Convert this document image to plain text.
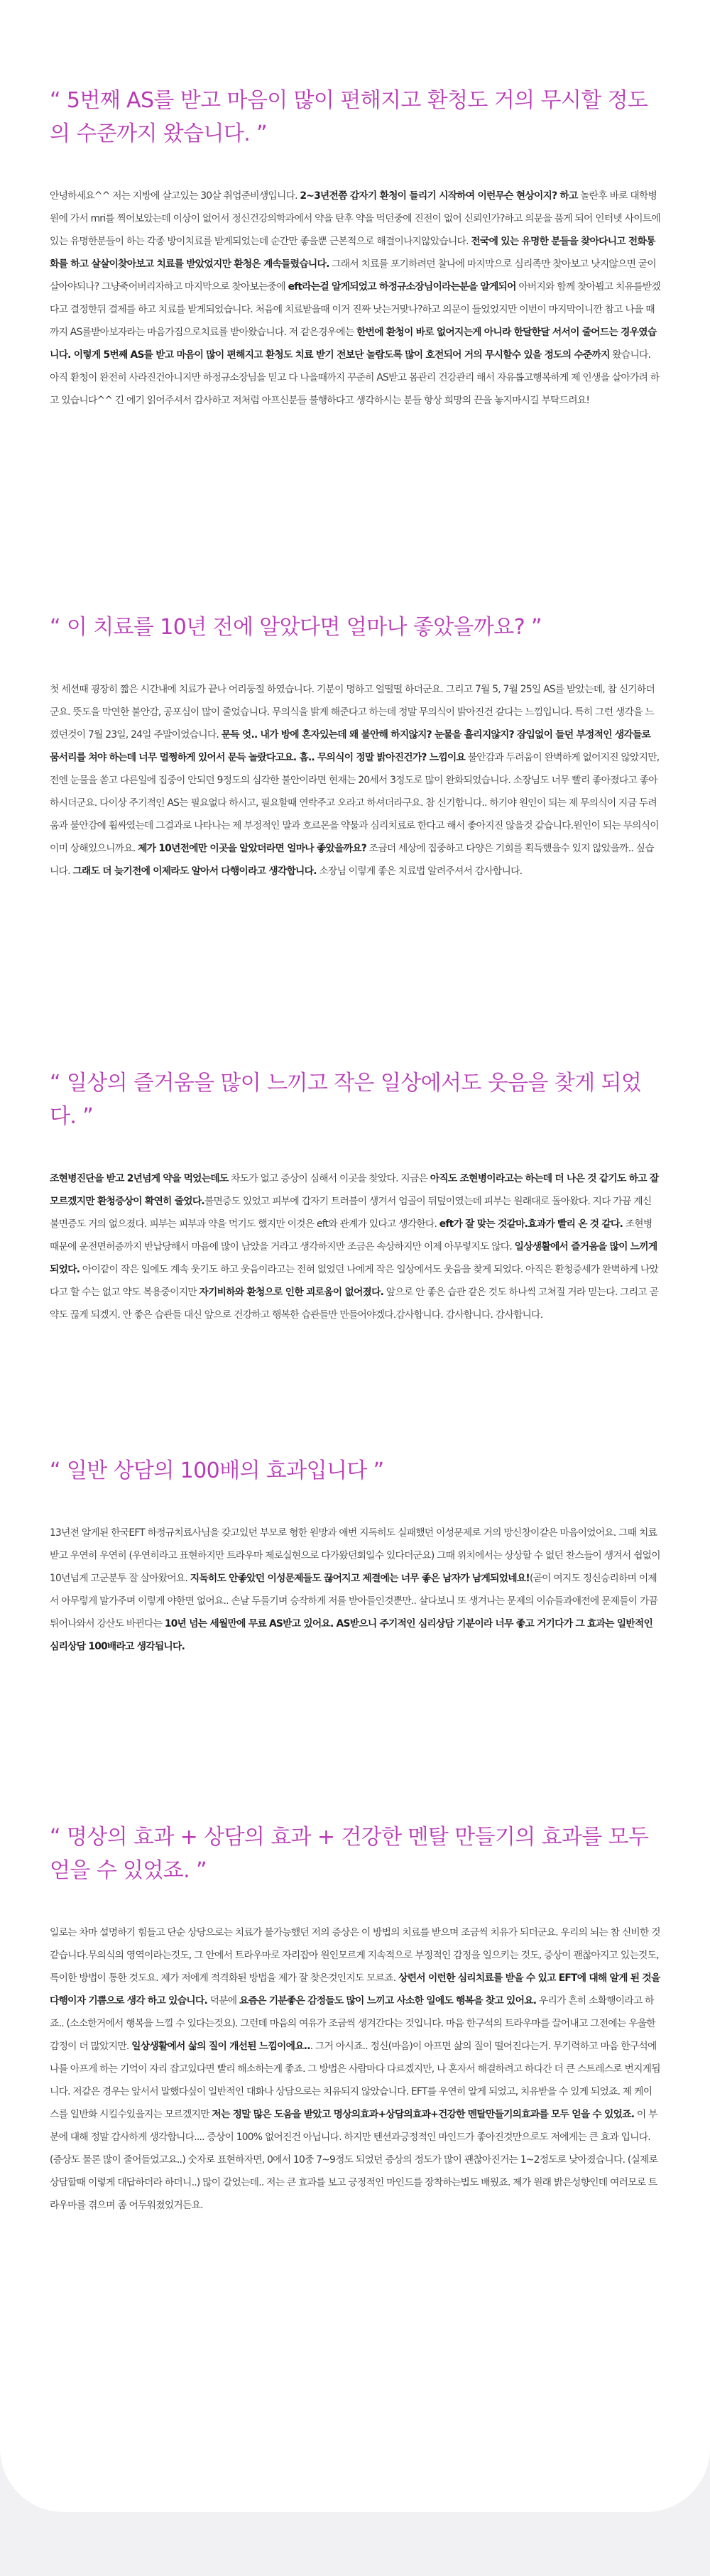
“ 5번째 AS를 받고 마음이 많이 편해지고 환청도 거의 무시할 정도의 수준까지 왔습니다. ”

안녕하세요^^ 저는 지방에 살고있는 30살 취업준비생입니다. 2~3년전쯤 갑자기 환청이 들리기 시작하여 이런무슨 현상이지? 하고 놀란후 바로 대학병원에 가서 mri를 찍어보았는데 이상이 없어서 정신건강의학과에서 약을 탄후 약을 먹던중에 진전이 없어 신뢰인가?하고 의문을 품게 되어 인터넷 사이트에 있는 유명한분들이 하는 각종 방이치료를 받게되었는데 순간만 좋을뿐 근본적으로 해결이나지않았습니다. 전국에 있는 유명한 분들을 찾아다니고 전화통화를 하고 살살이찾아보고 치료를 받았었지만 환청은 계속들렸습니다. 그래서 치료를 포기하려던 찰나에 마지막으로 심리족만 찾아보고 낫지않으면 굳이살아야되나? 그냥죽어버리자하고 마지막으로 찾아보는중에 eft라는걸 알게되었고 하정규소장님이라는분을 알게되어 아버지와 함께 찾아뵙고 치유를받겠다고 결정한뒤 결제를 하고 치료를 받게되었습니다. 처음에 치료받을때 이거 진짜 낫는거맞나?하고 의문이 들었었지만 이번이 마지막이니깐 참고 나을 때까지 AS를받아보자라는 마음가짐으로치료를 받아왔습니다. 저 같은경우에는 한번에 환청이 바로 없어지는게 아니라 한달한달 서서이 줄어드는 경우였습니다. 이렇게 5번째 AS를 받고 마음이 많이 편해지고 환청도 치료 받기 전보단 놀랍도록 많이 호전되어 거의 무시할수 있을 정도의 수준까지 왔습니다. 아직 환청이 완전히 사라진건아니지만 하정규소장님을 믿고 다 나을때까지 꾸준히 AS받고 몸관리 건강관리 해서 자유롭고행복하게 제 인생을 살아가려 하고 있습니다^^ 긴 에기 읽어주셔서 감사하고 저처럼 아프신분들 불행하다고 생각하시는 분들 항상 희망의 끈을 놓지마시길 부탁드려요!

“ 이 치료를 10년 전에 알았다면 얼마나 좋았을까요? ”

첫 세션때 굉장히 짧은 시간내에 치료가 끝나 어리둥절 하였습니다. 기분이 명하고 얼떨떨 하더군요. 그리고 7월 5, 7월 25일 AS를 받았는데, 참 신기하더군요. 뜻도을 막연한 불안감, 공포심이 많이 줄었습니다. 무의식을 밝게 해준다고 하는데 정말 무의식이 밝아진건 같다는 느낌입니다. 특히 그런 생각을 느꼈던것이 7월 23일, 24일 주말이었습니다. 문득 엇.. 내가 방에 혼자있는데 왜 불안해 하지않지? 눈물을 흘리지않지? 잠입없이 들던 부정적인 생각들로 뭄서리를 쳐야 하는데 너무 멀쩡하게 있어서 문득 놀랐다고요. 흠.. 무의식이 정말 밝아진건가? 느낌이요 불안감과 두려움이 완벽하게 없어지진 않았지만, 전엔 눈물을 쏟고 다른일에 집중이 안되던 9정도의 심각한 불안이라면 현재는 20세서 3정도로 많이 완화되었습니다. 소장님도 너무 빨리 좋아졌다고 좋아하시더군요. 다이상 주기적인 AS는 필요없다 하시고, 필요할때 연락주고 오라고 하셔더라구요. 참 신기합니다.. 하기야 원인이 되는 제 무의식이 지금 두려움과 불안감에 휩싸였는데 그결과로 나타나는 제 부정적인 말과 호르몬을 약물과 심리치료로 한다고 해서 좋아지진 않을것 같습니다.원인이 되는 무의식이 이미 상해있으니까요. 제가 10년전에만 이곳을 알았더라면 얼마나 좋았을까요? 조금더 세상에 집중하고 다양은 기회를 획득했을수 있지 않았을까.. 싶습니다. 그래도 더 늦기전에 이제라도 알아서 다행이라고 생각합니다. 소장님 이렇게 좋은 치료법 알려주셔서 감사합니다.

“ 일상의 즐거움을 많이 느끼고 작은 일상에서도 웃음을 찾게 되었다. ”

조현병진단을 받고 2년넘게 약을 먹었는데도 차도가 없고 증상이 심해서 이곳을 찾았다. 지금은 아직도 조현병이라고는 하는데 더 나은 것 같기도 하고 잘 모르겠지만 환청증상이 확연히 줄었다.불면증도 있었고 피부에 갑자기 트러블이 생겨서 엄골이 뒤덮이였는데 피부는 원래대로 돌아왔다. 지다 가끔 계신 불면증도 거의 없으졌다. 피부는 피부과 약을 먹기도 했지만 이것은 eft와 관계가 있다고 생각한다. eft가 잘 맞는 것같마.효과가 빨리 온 것 같다. 조현병 때문에 운전면허증까지 반납당해서 마음에 많이 남았을 거라고 생각하지만 조금은 속상하지만 이제 아무렇지도 않다. 일상생활에서 즐거움을 많이 느끼게되었다. 아이같이 작은 일에도 계속 웃기도 하고 웃음이라고는 전혀 없었던 나에게 작은 일상에서도 웃음을 찾게 되었다. 아직은 환청증세가 완벽하게 나았다고 할 수는 없고 약도 복용중이지만 자기비하와 환청으로 인한 괴로움이 없어졌다. 앞으로 안 좋은 습관 같은 것도 하나씩 고쳐질 거라 믿는다. 그리고 곧 약도 끊게 되겠지. 안 좋은 습관들 대신 앞으로 건강하고 행복한 습관들만 만들어야겠다.감사합니다. 감사합니다. 감사합니다.

“ 일반 상담의 100배의 효과입니다 ”

13년전 알게된 한국EFT 하정규치료사님을 갖고있던 부모로 형한 원망과 애번 지독히도 실패했던 이성문제로 거의 망신창이같은 마음이었어요. 그때 치료받고 우연히 우연히 (우연히라고 표현하지만 트라우마 제로실현으로 다가왔던회일수 있다더군요) 그때 위치에서는 상상할 수 없던 찬스들이 생겨서 쉽없이 10년넘게 고군분투 잘 살아왔어요. 지독히도 안좋았던 이성문제들도 끊어지고 제결에는 너무 좋은 남자가 남게되었네요!(곧이 여지도 정신승리하며 이제서 아무렇게 말가주며 이렇게 야한면 없어요.. 손날 두들기며 승작하게 저를 받아들인것뿐만.. 살다보니 또 생겨나는 문제의 이슈들과애전에 문제들이 가끔 튀어나와서 강산도 바뀐다는 10년 넘는 세월만에 무료 AS받고 있어요. AS받으니 주기적인 심리상담 기분이라 너무 좋고 거기다가 그 효과는 일반적인 심리상담 100배라고 생각됩니다.

“ 명상의 효과 + 상담의 효과 + 건강한 멘탈 만들기의 효과를 모두 얻을 수 있었죠. ”

일로는 차마 설명하기 힘들고 단순 상당으로는 치료가 불가능했던 저의 증상은 이 방법의 치료를 받으며 조금씩 치유가 되더군요. 우리의 뇌는 참 신비한 것 같습니다.무의식의 영역이라는것도, 그 안에서 트라우마로 자리잡아 원인모르게 지속적으로 부정적인 감정을 일으키는 것도, 증상이 괜찮아지고 있는것도, 특이한 방법이 통한 것도요. 제가 저에게 적격화된 방법을 제가 잘 찾은것인지도 모르죠. 상련서 이런한 심리치료를 받을 수 있고 EFT에 대해 알게 된 것을 다행이자 기쁨으로 생각 하고 있습니다. 덕분에 요즘은 기분좋은 감정들도 많이 느끼고 사소한 일에도 행복을 찾고 있어요. 우리가 흔히 소확행이라고 하죠.. (소소한거에서 행복을 느낄 수 있다는것요). 그런데 마음의 여유가 조금씩 생겨간다는 것입니다. 마음 한구석의 트라우마를 끌어내고 그전에는 우울한 감정이 더 많았지만. 일상생활에서 삶의 질이 개선된 느낌이에요... 그거 아시죠.. 정신(마음)이 아프면 삶의 질이 떨어진다는거. 무기력하고 마음 한구석에 나를 아프게 하는 기억이 자리 잡고있다면 빨리 해소하는게 좋죠. 그 방법은 사람마다 다르겠지만, 나 혼자서 해결하려고 하다간 더 큰 스트레스로 번지게됩니다. 저같은 경우는 앞서서 말했다싶이 일반적인 대화나 상담으로는 치유되지 않았습니다. EFT를 우연히 알게 되었고, 치유받을 수 있게 되었죠. 제 케이스를 일반화 시킬수있을지는 모르겠지만 저는 정말 많은 도움을 받았고 명상의효과+상담의효과+건강한 멘탈만들기의효과를 모두 얻을 수 있었죠. 이 부분에 대해 정말 감사하게 생각합니다.... 증상이 100% 없어진건 아닙니다. 하지만 텐션과긍정적인 마인드가 좋아진것만으로도 저에게는 큰 효과 입니다. (증상도 물론 많이 줄어들었고요..) 숫자로 표현하자면, 0에서 10중 7~9정도 되었던 증상의 정도가 많이 괜찮아진거는 1~2정도로 낮아졌습니다. (실제로 상담할때 이렇게 대답하더라 하더니..) 많이 갈었는데.. 저는 큰 효과를 보고 긍정적인 마인드를 장착하는법도 배웠죠. 제가 원래 밝은성향인데 여러모로 트라우마를 겪으며 좀 어두워졌었거든요.
